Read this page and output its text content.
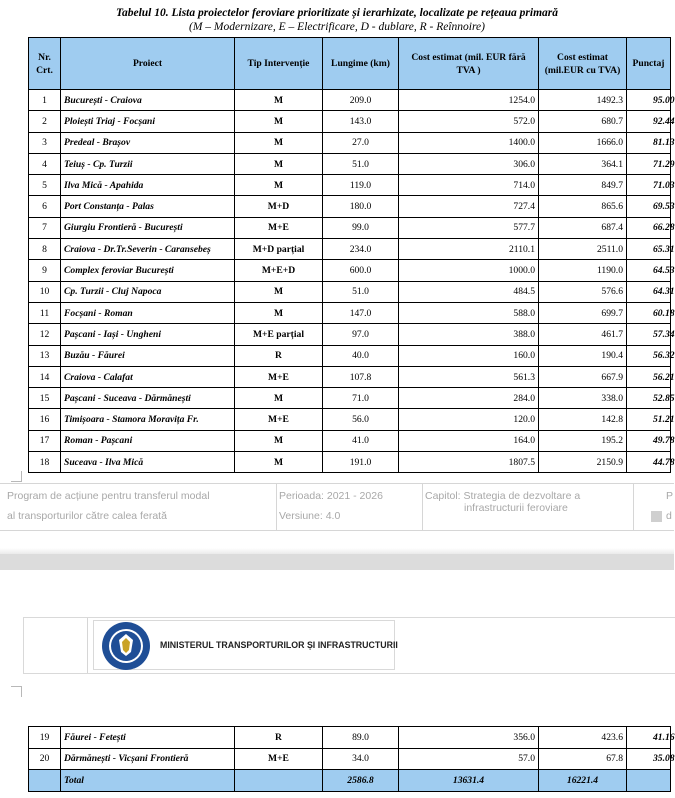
Tabelul 10. Lista proiectelor feroviare prioritizate și ierarhizate, localizate pe rețeaua primară
(M – Modernizare, E – Electrificare, D - dublare, R - Reînnoire)
Nr. Crt.	Proiect	Tip Intervenție	Lungime (km)	Cost estimat (mil. EUR fără TVA )	Cost estimat (mil.EUR cu TVA)	Punctaj
1	București - Craiova	M	209.0	1254.0	1492.3	95.00
2	Ploiești Triaj - Focșani	M	143.0	572.0	680.7	92.44
3	Predeal - Brașov	M	27.0	1400.0	1666.0	81.13
4	Teiuș - Cp. Turzii	M	51.0	306.0	364.1	71.29
5	Ilva Mică - Apahida	M	119.0	714.0	849.7	71.03
6	Port Constanța - Palas	M+D	180.0	727.4	865.6	69.53
7	Giurgiu Frontieră - București	M+E	99.0	577.7	687.4	66.28
8	Craiova - Dr.Tr.Severin - Caransebeș	M+D parțial	234.0	2110.1	2511.0	65.31
9	Complex feroviar București	M+E+D	600.0	1000.0	1190.0	64.53
10	Cp. Turzii - Cluj Napoca	M	51.0	484.5	576.6	64.31
11	Focșani - Roman	M	147.0	588.0	699.7	60.18
12	Pașcani - Iași - Ungheni	M+E parțial	97.0	388.0	461.7	57.34
13	Buzău - Făurei	R	40.0	160.0	190.4	56.32
14	Craiova - Calafat	M+E	107.8	561.3	667.9	56.21
15	Pașcani - Suceava - Dărmănești	M	71.0	284.0	338.0	52.85
16	Timișoara - Stamora Moravița Fr.	M+E	56.0	120.0	142.8	51.21
17	Roman - Pașcani	M	41.0	164.0	195.2	49.78
18	Suceava - Ilva Mică	M	191.0	1807.5	2150.9	44.78
Program de acțiune pentru transferul modal
al transporturilor către calea ferată
Perioada: 2021 - 2026
Versiune: 4.0
Capitol: Strategia de dezvoltare a
infrastructurii feroviare
P
d
MINISTERUL TRANSPORTURILOR ȘI INFRASTRUCTURII
19	Făurei - Fetești	R	89.0	356.0	423.6	41.16
20	Dărmănești - Vicșani Frontieră	M+E	34.0	57.0	67.8	35.08
	Total		2586.8	13631.4	16221.4	
